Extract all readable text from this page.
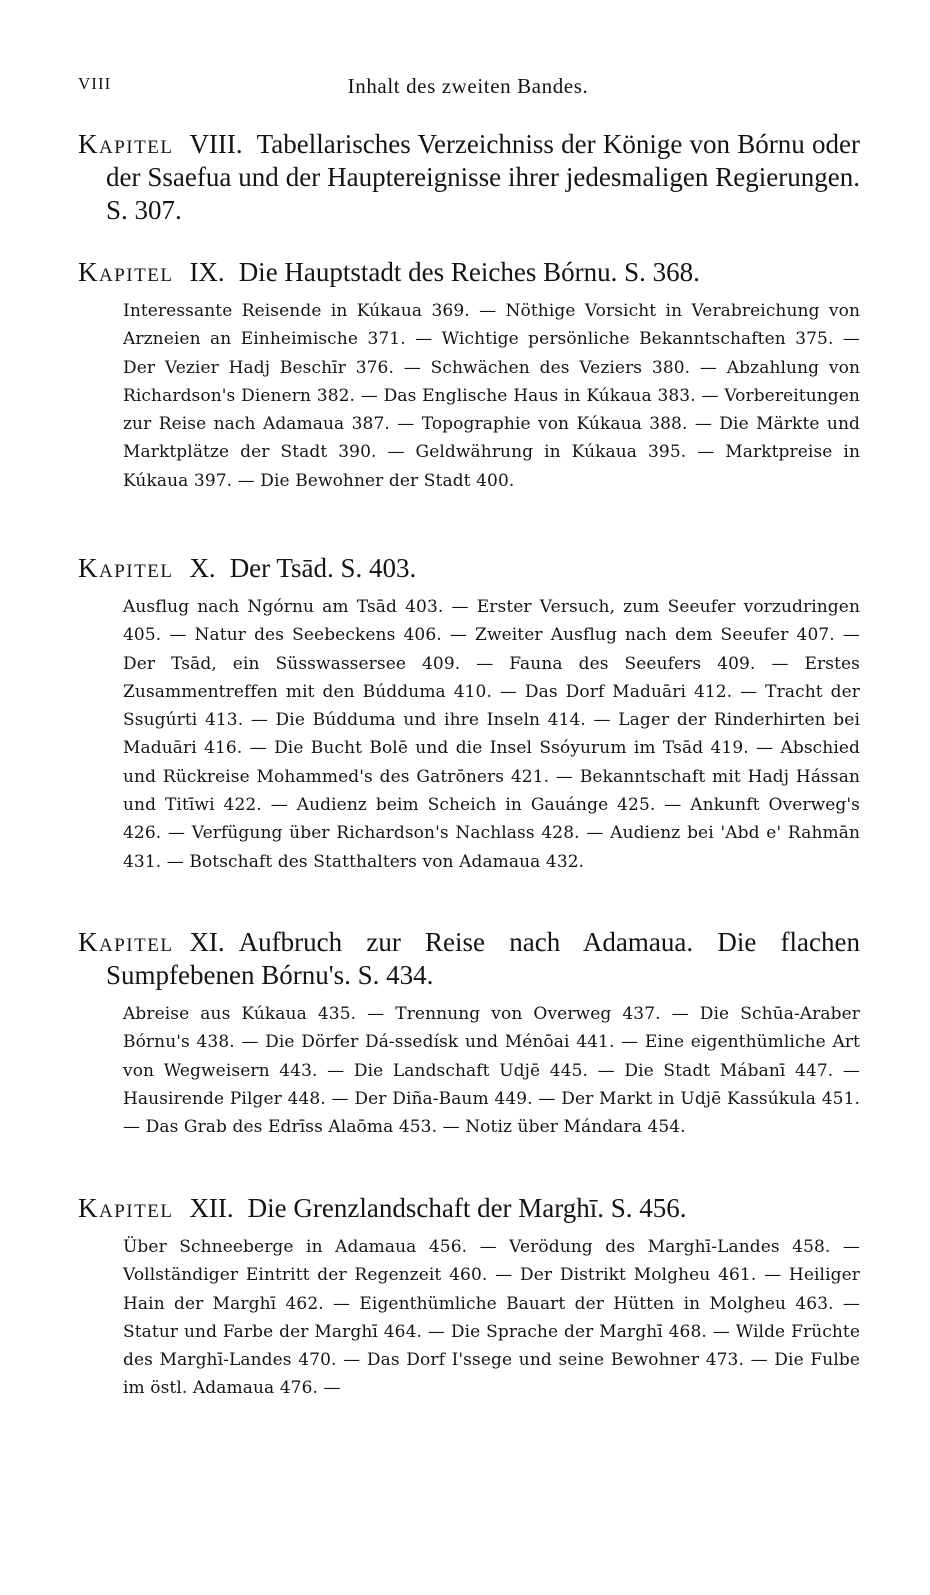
VIII	Inhalt des zweiten Bandes.
Kapitel VIII. Tabellarisches Verzeichniss der Könige von Bórnu oder der Ssaefua und der Hauptereignisse ihrer jedesmaligen Regierungen. S. 307.
Kapitel IX. Die Hauptstadt des Reiches Bórnu. S. 368.

Interessante Reisende in Kúkaua 369. — Nöthige Vorsicht in Verabreichung von Arzneien an Einheimische 371. — Wichtige persönliche Bekanntschaften 375. — Der Vezier Hadj Beschīr 376. — Schwächen des Veziers 380. — Abzahlung von Richardson's Dienern 382. — Das Englische Haus in Kúkaua 383. — Vorbereitungen zur Reise nach Adamaua 387. — Topographie von Kúkaua 388. — Die Märkte und Marktplätze der Stadt 390. — Geldwährung in Kúkaua 395. — Marktpreise in Kúkaua 397. — Die Bewohner der Stadt 400.

Kapitel X. Der Tsād. S. 403.

Ausflug nach Ngórnu am Tsād 403. — Erster Versuch, zum Seeufer vorzudringen 405. — Natur des Seebeckens 406. — Zweiter Ausflug nach dem Seeufer 407. — Der Tsād, ein Süsswassersee 409. — Fauna des Seeufers 409. — Erstes Zusammentreffen mit den Búdduma 410. — Das Dorf Maduāri 412. — Tracht der Ssugúrti 413. — Die Búdduma und ihre Inseln 414. — Lager der Rinderhirten bei Maduāri 416. — Die Bucht Bolē und die Insel Ssóyurum im Tsād 419. — Abschied und Rückreise Mohammed's des Gatrōners 421. — Bekanntschaft mit Hadj Hássan und Titīwi 422. — Audienz beim Scheich in Gauánge 425. — Ankunft Overweg's 426. — Verfügung über Richardson's Nachlass 428. — Audienz bei 'Abd e' Rahmān 431. — Botschaft des Statthalters von Adamaua 432.

Kapitel XI. Aufbruch zur Reise nach Adamaua. Die flachen Sumpfebenen Bórnu's. S. 434.

Abreise aus Kúkaua 435. — Trennung von Overweg 437. — Die Schūa-Araber Bórnu's 438. — Die Dörfer Dá-ssedísk und Ménōai 441. — Eine eigenthümliche Art von Wegweisern 443. — Die Landschaft Udjē 445. — Die Stadt Mábanī 447. — Hausirende Pilger 448. — Der Diña-Baum 449. — Der Markt in Udjē Kassúkula 451. — Das Grab des Edrīss Alaōma 453. — Notiz über Mándara 454.

Kapitel XII. Die Grenzlandschaft der Marghī. S. 456.

Über Schneeberge in Adamaua 456. — Verödung des Marghī-Landes 458. — Vollständiger Eintritt der Regenzeit 460. — Der Distrikt Molgheu 461. — Heiliger Hain der Marghī 462. — Eigenthümliche Bauart der Hütten in Molgheu 463. — Statur und Farbe der Marghī 464. — Die Sprache der Marghī 468. — Wilde Früchte des Marghī-Landes 470. — Das Dorf I'ssege und seine Bewohner 473. — Die Fulbe im östl. Adamaua 476. —
